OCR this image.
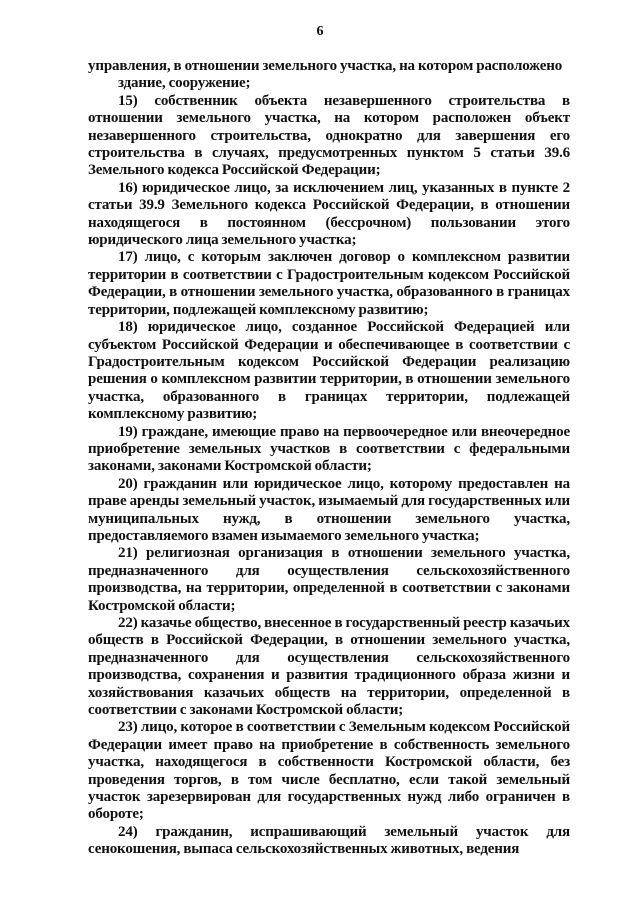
6

управления, в отношении земельного участка, на котором расположено
здание, сооружение;

15) собственник объекта незавершенного строительства в отношении земельного участка, на котором расположен объект незавершенного строительства, однократно для завершения его строительства в случаях, предусмотренных пунктом 5 статьи 39.6 Земельного кодекса Российской Федерации;

16) юридическое лицо, за исключением лиц, указанных в пункте 2 статьи 39.9 Земельного кодекса Российской Федерации, в отношении находящегося в постоянном (бессрочном) пользовании этого юридического лица земельного участка;

17) лицо, с которым заключен договор о комплексном развитии территории в соответствии с Градостроительным кодексом Российской Федерации, в отношении земельного участка, образованного в границах территории, подлежащей комплексному развитию;

18) юридическое лицо, созданное Российской Федерацией или субъектом Российской Федерации и обеспечивающее в соответствии с Градостроительным кодексом Российской Федерации реализацию решения о комплексном развитии территории, в отношении земельного участка, образованного в границах территории, подлежащей комплексному развитию;

19) граждане, имеющие право на первоочередное или внеочередное приобретение земельных участков в соответствии с федеральными законами, законами Костромской области;

20) гражданин или юридическое лицо, которому предоставлен на праве аренды земельный участок, изымаемый для государственных или муниципальных нужд, в отношении земельного участка, предоставляемого взамен изымаемого земельного участка;

21) религиозная организация в отношении земельного участка, предназначенного для осуществления сельскохозяйственного производства, на территории, определенной в соответствии с законами Костромской области;

22) казачье общество, внесенное в государственный реестр казачьих обществ в Российской Федерации, в отношении земельного участка, предназначенного для осуществления сельскохозяйственного производства, сохранения и развития традиционного образа жизни и хозяйствования казачьих обществ на территории, определенной в соответствии с законами Костромской области;

23) лицо, которое в соответствии с Земельным кодексом Российской Федерации имеет право на приобретение в собственность земельного участка, находящегося в собственности Костромской области, без проведения торгов, в том числе бесплатно, если такой земельный участок зарезервирован для государственных нужд либо ограничен в обороте;

24) гражданин, испрашивающий земельный участок для сенокошения, выпаса сельскохозяйственных животных, ведения
